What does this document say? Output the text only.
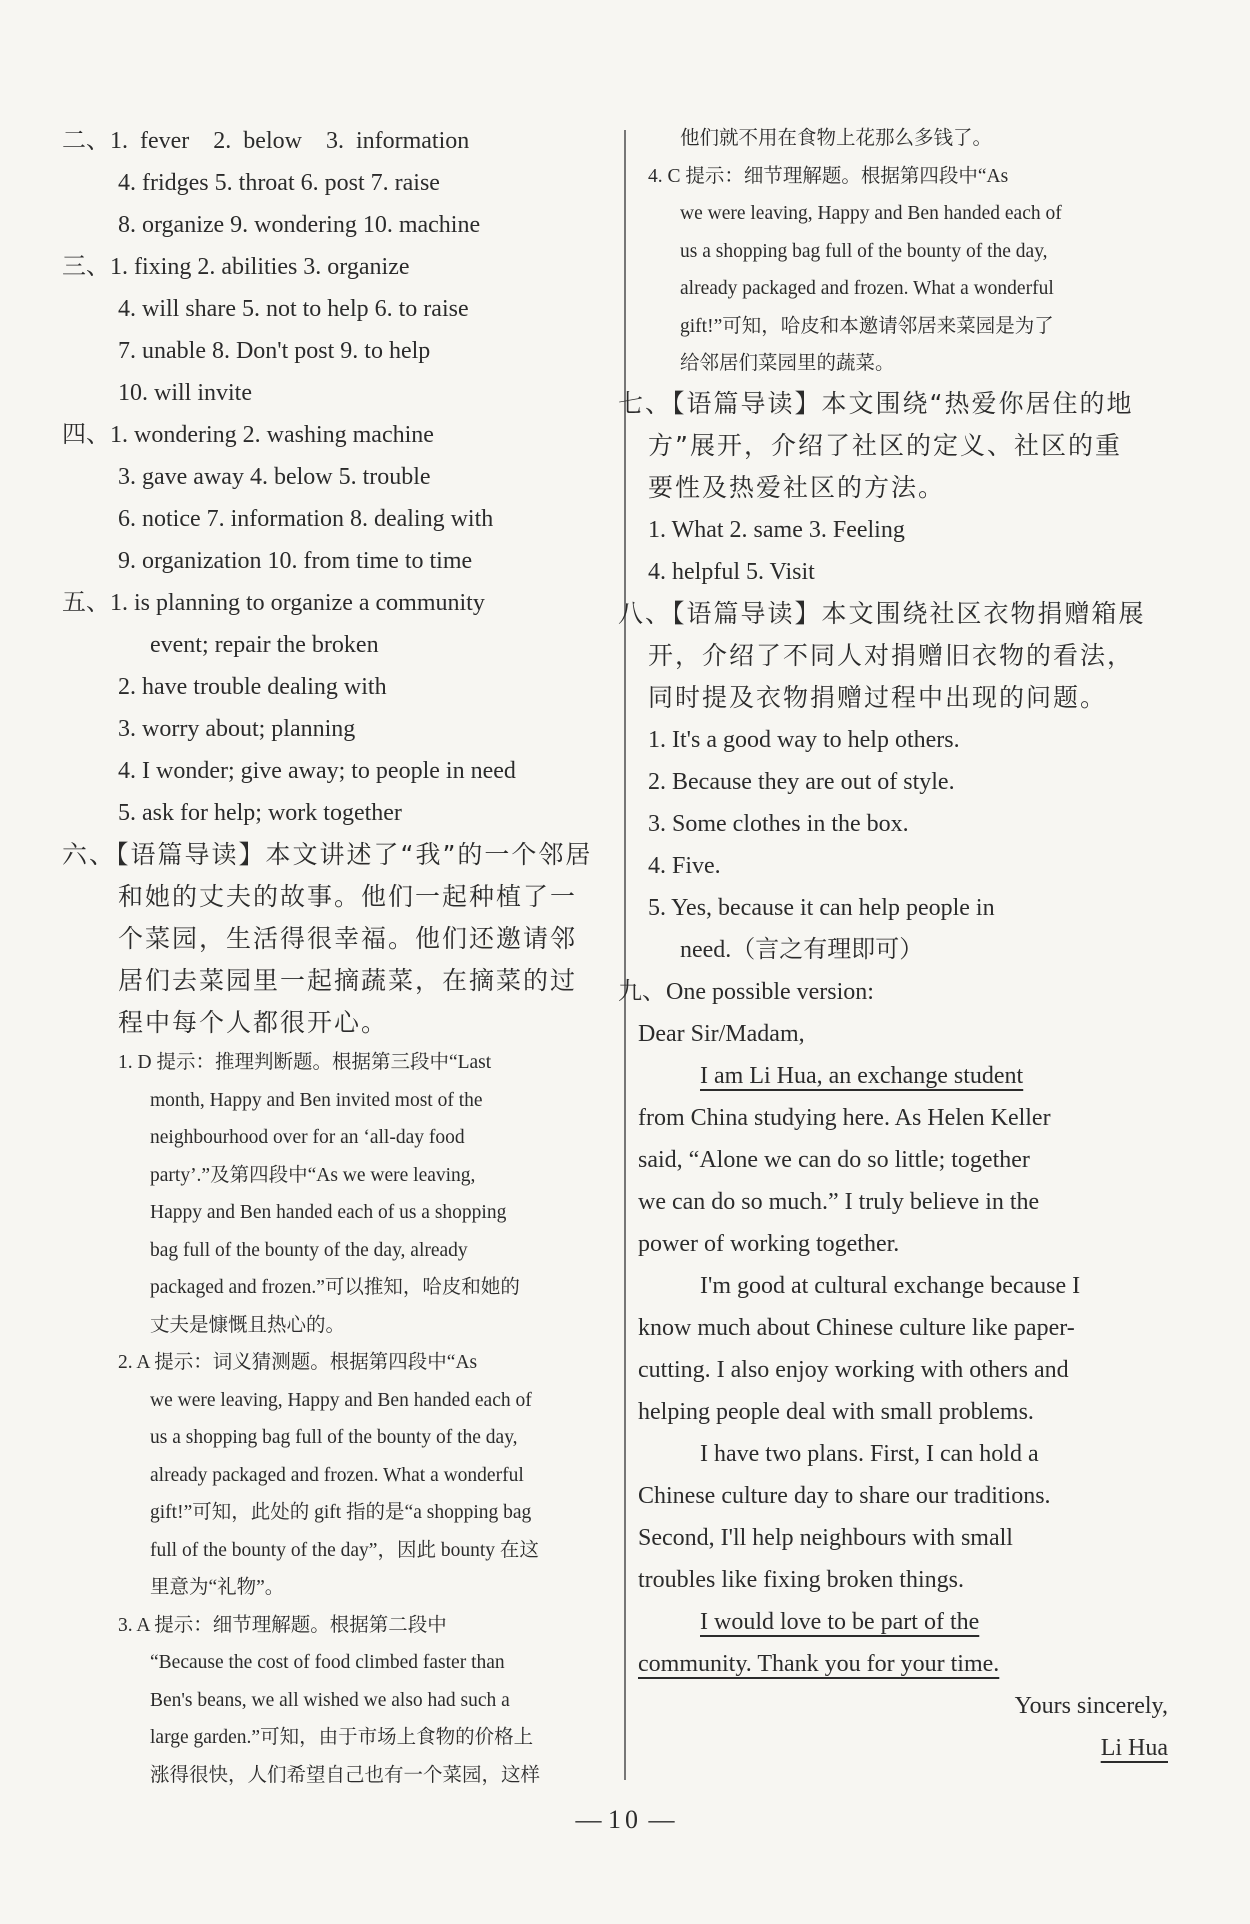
二、1.  fever    2.  below    3.  information
4. fridges 5. throat 6. post 7. raise
8. organize 9. wondering 10. machine
三、1. fixing 2. abilities 3. organize
4. will share 5. not to help 6. to raise
7. unable 8. Don't post 9. to help
10. will invite
四、1. wondering 2. washing machine
3. gave away 4. below 5. trouble
6. notice 7. information 8. dealing with
9. organization 10. from time to time
五、1. is planning to organize a community
event; repair the broken
2. have trouble dealing with
3. worry about; planning
4. I wonder; give away; to people in need
5. ask for help; work together
六、【语篇导读】本文讲述了“我”的一个邻居
和她的丈夫的故事。他们一起种植了一
个菜园，生活得很幸福。他们还邀请邻
居们去菜园里一起摘蔬菜，在摘菜的过
程中每个人都很开心。
1. D 提示：推理判断题。根据第三段中“Last
month, Happy and Ben invited most of the
neighbourhood over for an ‘all-day food
party’.”及第四段中“As we were leaving,
Happy and Ben handed each of us a shopping
bag full of the bounty of the day, already
packaged and frozen.”可以推知，哈皮和她的
丈夫是慷慨且热心的。
2. A 提示：词义猜测题。根据第四段中“As
we were leaving, Happy and Ben handed each of
us a shopping bag full of the bounty of the day,
already packaged and frozen. What a wonderful
gift!”可知，此处的 gift 指的是“a shopping bag
full of the bounty of the day”，因此 bounty 在这
里意为“礼物”。
3. A 提示：细节理解题。根据第二段中
“Because the cost of food climbed faster than
Ben's beans, we all wished we also had such a
large garden.”可知，由于市场上食物的价格上
涨得很快，人们希望自己也有一个菜园，这样
他们就不用在食物上花那么多钱了。
4. C 提示：细节理解题。根据第四段中“As
we were leaving, Happy and Ben handed each of
us a shopping bag full of the bounty of the day,
already packaged and frozen. What a wonderful
gift!”可知，哈皮和本邀请邻居来菜园是为了
给邻居们菜园里的蔬菜。
七、【语篇导读】本文围绕“热爱你居住的地
方”展开，介绍了社区的定义、社区的重
要性及热爱社区的方法。
1. What 2. same 3. Feeling
4. helpful 5. Visit
八、【语篇导读】本文围绕社区衣物捐赠箱展
开，介绍了不同人对捐赠旧衣物的看法，
同时提及衣物捐赠过程中出现的问题。
1. It's a good way to help others.
2. Because they are out of style.
3. Some clothes in the box.
4. Five.
5. Yes, because it can help people in
need.（言之有理即可）
九、One possible version:
Dear Sir/Madam,
I am Li Hua, an exchange student
from China studying here. As Helen Keller
said, “Alone we can do so little; together
we can do so much.” I truly believe in the
power of working together.
I'm good at cultural exchange because I
know much about Chinese culture like paper-
cutting. I also enjoy working with others and
helping people deal with small problems.
I have two plans. First, I can hold a
Chinese culture day to share our traditions.
Second, I'll help neighbours with small
troubles like fixing broken things.
I would love to be part of the
community. Thank you for your time.
Yours sincerely,
Li Hua
— 10 —
